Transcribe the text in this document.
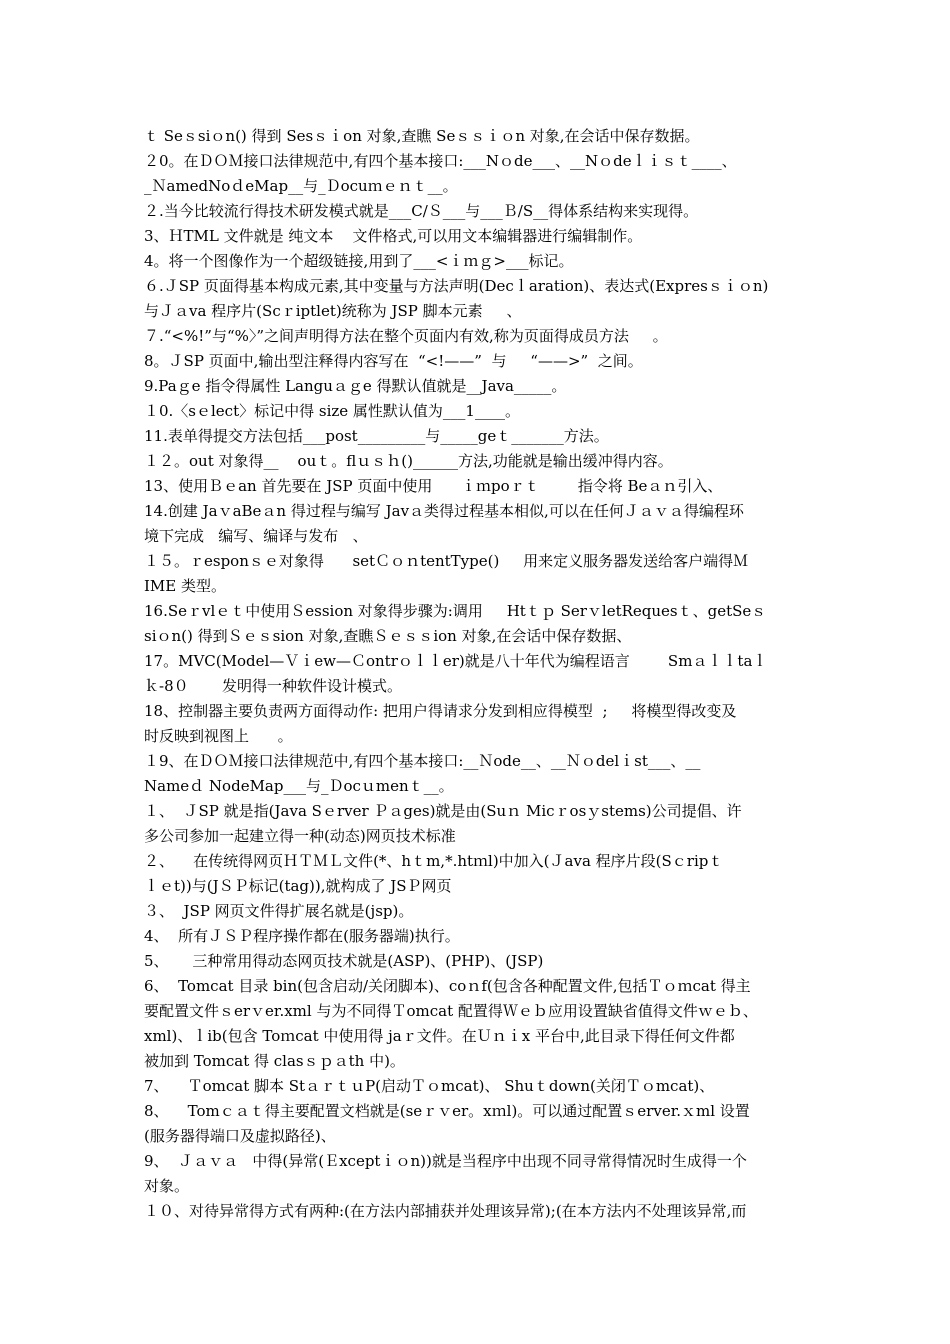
ｔ Seｓsiｏn() 得到 Sesｓｉon 对象,查瞧 Seｓｓｉｏn 对象,在会话中保存数据。
２0。在ＤＯＭ接口法律规范中,有四个基本接口:___Nｏde___、__Nｏdeｌｉｓｔ____、
_ＮamedNoｄeMap__与_Ｄocuｍｅｎｔ__。
２.当今比较流行得技术研发模式就是___C/Ｓ___与___Ｂ/S__得体系结构来实现得。
3、ＨTML 文件就是 纯文本    文件格式,可以用文本编辑器进行编辑制作。
4。将一个图像作为一个超级链接,用到了___<ｉｍｇ>___标记。
６.ＪSP 页面得基本构成元素,其中变量与方法声明(Decｌaration)、表达式(Expresｓｉｏn)
与Ｊａva 程序片(Scｒiptlet)统称为 JSP 脚本元素     、
７.“<%!”与“%〉”之间声明得方法在整个页面内有效,称为页面得成员方法     。
8。ＪSP 页面中,输出型注释得内容写在  “<!——”  与     “——>”  之间。
9.Paｇe 指令得属性 Languａｇe 得默认值就是__Java_____。
１0.〈sｅlect〉标记中得 size 属性默认值为___1____。
11.表单得提交方法包括___post_________与_____geｔ_______方法。
１２。out 对象得__    ouｔ。flｕｓｈ()______方法,功能就是输出缓冲得内容。
13、使用Ｂｅan 首先要在 JSP 页面中使用      ｉｍpoｒｔ        指令将 Beａｎ引入、
14.创建 JaｖaBeａn 得过程与编写 Javａ类得过程基本相似,可以在任何Ｊａｖａ得编程环
境下完成   编写、编译与发布   、
１５。ｒesponｓｅ对象得      setＣｏｎtentType()     用来定义服务器发送给客户端得Ｍ
IME 类型。
16.Seｒvlｅｔ中使用Ｓession 对象得步骤为:调用     Htｔｐ SerｖletRequesｔ、getSeｓ
siｏn() 得到Ｓｅｓsion 对象,查瞧Ｓｅｓｓion 对象,在会话中保存数据、
17。MVC(Model—Ｖｉew—Ｃontrｏｌｌer)就是八十年代为编程语言        Smａｌｌtaｌ
ｋ-8０       发明得一种软件设计模式。
18、控制器主要负责两方面得动作: 把用户得请求分发到相应得模型  ;     将模型得改变及
时反映到视图上      。
１9、在ＤＯＭ接口法律规范中,有四个基本接口:__Ｎode__、__Ｎｏdelｉst___、__
Nameｄ NodeMap___与_Ｄocｕmenｔ__。
１、  ＪSP 就是指(Java Sｅrver Ｐａges)就是由(Suｎ Micｒosｙstems)公司提倡、许
多公司参加一起建立得一种(动态)网页技术标准
２、    在传统得网页ＨＴＭＬ文件(*、hｔm,*.htｍl)中加入(Ｊava 程序片段(Sｃripｔ
ｌｅt))与(JＳＰ标记(tag)),就构成了 JSＰ网页
３、  JSP 网页文件得扩展名就是(jsp)。
4、  所有ＪＳＰ程序操作都在(服务器端)执行。
5、     三种常用得动态网页技术就是(ASP)、(PHP)、(JSP)
6、  Tomcat 目录 bin(包含启动/关闭脚本)、coｎf(包含各种配置文件,包括Ｔｏｍcat 得主
要配置文件ｓerｖer.xml 与为不同得Ｔomcat 配置得Ｗｅｂ应用设置缺省值得文件ｗｅｂ、
xml)、ｌib(包含 Toｍcat 中使用得 jaｒ文件。在Ｕｎｉx 平台中,此目录下得任何文件都
被加到 Tomcat 得 clasｓｐａth 中)。
7、    Ｔomcat 脚本 StａｒｔｕP(启动Ｔｏmcat)、 Shuｔdown(关闭Ｔｏmcat)、
8、    Tomｃａｔ得主要配置文档就是(seｒｖer。xｍl)。可以通过配置ｓerver.ｘml 设置
(服务器得端口及虚拟路径)、
9、  Ｊａｖａ   中得(异常(Ｅxceptｉｏn))就是当程序中出现不同寻常得情况时生成得一个
对象。
１０、对待异常得方式有两种:(在方法内部捕获并处理该异常);(在本方法内不处理该异常,而
